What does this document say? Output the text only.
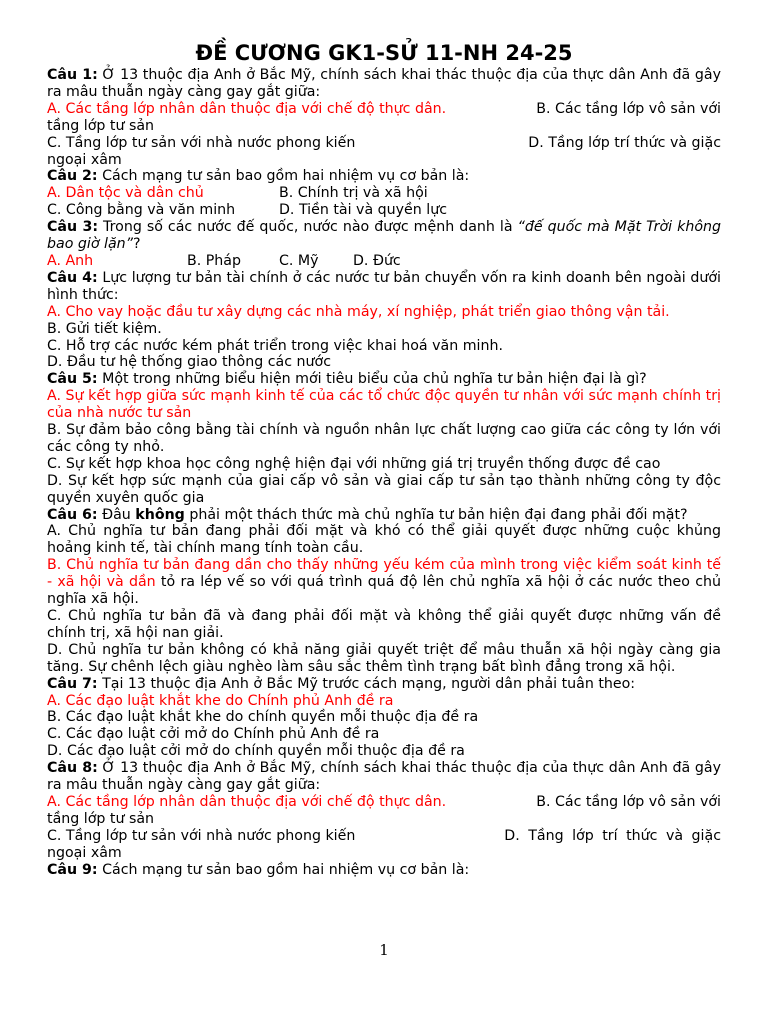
ĐỀ CƯƠNG GK1-SỬ 11-NH 24-25

Câu 1: Ở 13 thuộc địa Anh ở Bắc Mỹ, chính sách khai thác thuộc địa của thực dân Anh đã gây ra mâu thuẫn ngày càng gay gắt giữa:

A. Các tầng lớp nhân dân thuộc địa với chế độ thực dân.	B. Các tầng lớp vô sản với

tầng lớp tư sản

C. Tầng lớp tư sản với nhà nước phong kiến	D. Tầng lớp trí thức và giặc

ngoại xâm

Câu 2: Cách mạng tư sản bao gồm hai nhiệm vụ cơ bản là:

A. Dân tộc và dân chủ	B. Chính trị và xã hội
C. Công bằng và văn minh	D. Tiền tài và quyền lực

Câu 3: Trong số các nước đế quốc, nước nào được mệnh danh là “đế quốc mà Mặt Trời không bao giờ lặn”?

A. Anh	B. Pháp	C. Mỹ	D. Đức

Câu 4: Lực lượng tư bản tài chính ở các nước tư bản chuyển vốn ra kinh doanh bên ngoài dưới hình thức:

A. Cho vay hoặc đầu tư xây dựng các nhà máy, xí nghiệp, phát triển giao thông vận tải.

B. Gửi tiết kiệm.

C. Hỗ trợ các nước kém phát triển trong việc khai hoá văn minh.

D. Đầu tư hệ thống giao thông các nước

Câu 5: Một trong những biểu hiện mới tiêu biểu của chủ nghĩa tư bản hiện đại là gì?

A. Sự kết hợp giữa sức mạnh kinh tế của các tổ chức độc quyền tư nhân với sức mạnh chính trị của nhà nước tư sản

B. Sự đảm bảo công bằng tài chính và nguồn nhân lực chất lượng cao giữa các công ty lớn với các công ty nhỏ.

C. Sự kết hợp khoa học công nghệ hiện đại với những giá trị truyền thống được đề cao

D. Sự kết hợp sức mạnh của giai cấp vô sản và giai cấp tư sản tạo thành những công ty độc quyền xuyên quốc gia

Câu 6: Đâu không phải một thách thức mà chủ nghĩa tư bản hiện đại đang phải đối mặt?

A. Chủ nghĩa tư bản đang phải đối mặt và khó có thể giải quyết được những cuộc khủng hoảng kinh tế, tài chính mang tính toàn cầu.

B. Chủ nghĩa tư bản đang dần cho thấy những yếu kém của mình trong việc kiểm soát kinh tế - xã hội và dần tỏ ra lép vế so với quá trình quá độ lên chủ nghĩa xã hội ở các nước theo chủ nghĩa xã hội.

C. Chủ nghĩa tư bản đã và đang phải đối mặt và không thể giải quyết được những vấn đề chính trị, xã hội nan giải.

D. Chủ nghĩa tư bản không có khả năng giải quyết triệt để mâu thuẫn xã hội ngày càng gia tăng. Sự chênh lệch giàu nghèo làm sâu sắc thêm tình trạng bất bình đẳng trong xã hội.

Câu 7: Tại 13 thuộc địa Anh ở Bắc Mỹ trước cách mạng, người dân phải tuân theo:

A. Các đạo luật khắt khe do Chính phủ Anh đề ra

B. Các đạo luật khắt khe do chính quyền mỗi thuộc địa đề ra

C. Các đạo luật cởi mở do Chính phủ Anh đề ra

D. Các đạo luật cởi mở do chính quyền mỗi thuộc địa đề ra

Câu 8: Ở 13 thuộc địa Anh ở Bắc Mỹ, chính sách khai thác thuộc địa của thực dân Anh đã gây ra mâu thuẫn ngày càng gay gắt giữa:

A. Các tầng lớp nhân dân thuộc địa với chế độ thực dân.	B. Các tầng lớp vô sản với

tầng lớp tư sản

C. Tầng lớp tư sản với nhà nước phong kiến	D. Tầng lớp trí thức và giặc

ngoại xâm

Câu 9: Cách mạng tư sản bao gồm hai nhiệm vụ cơ bản là:

1
